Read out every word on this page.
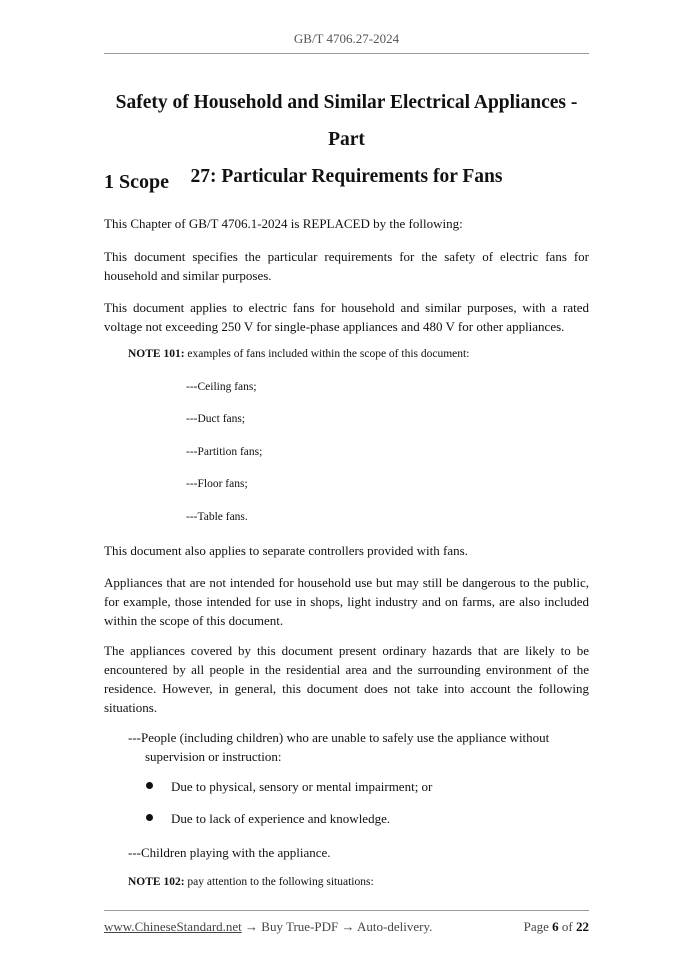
GB/T 4706.27-2024
Safety of Household and Similar Electrical Appliances - Part
27: Particular Requirements for Fans
1 Scope
This Chapter of GB/T 4706.1-2024 is REPLACED by the following:
This document specifies the particular requirements for the safety of electric fans for household and similar purposes.
This document applies to electric fans for household and similar purposes, with a rated voltage not exceeding 250 V for single-phase appliances and 480 V for other appliances.
NOTE 101: examples of fans included within the scope of this document:
---Ceiling fans;
---Duct fans;
---Partition fans;
---Floor fans;
---Table fans.
This document also applies to separate controllers provided with fans.
Appliances that are not intended for household use but may still be dangerous to the public, for example, those intended for use in shops, light industry and on farms, are also included within the scope of this document.
The appliances covered by this document present ordinary hazards that are likely to be encountered by all people in the residential area and the surrounding environment of the residence. However, in general, this document does not take into account the following situations.
---People (including children) who are unable to safely use the appliance without
supervision or instruction:
Due to physical, sensory or mental impairment; or
Due to lack of experience and knowledge.
---Children playing with the appliance.
NOTE 102: pay attention to the following situations:
www.ChineseStandard.net → Buy True-PDF → Auto-delivery.	Page 6 of 22
